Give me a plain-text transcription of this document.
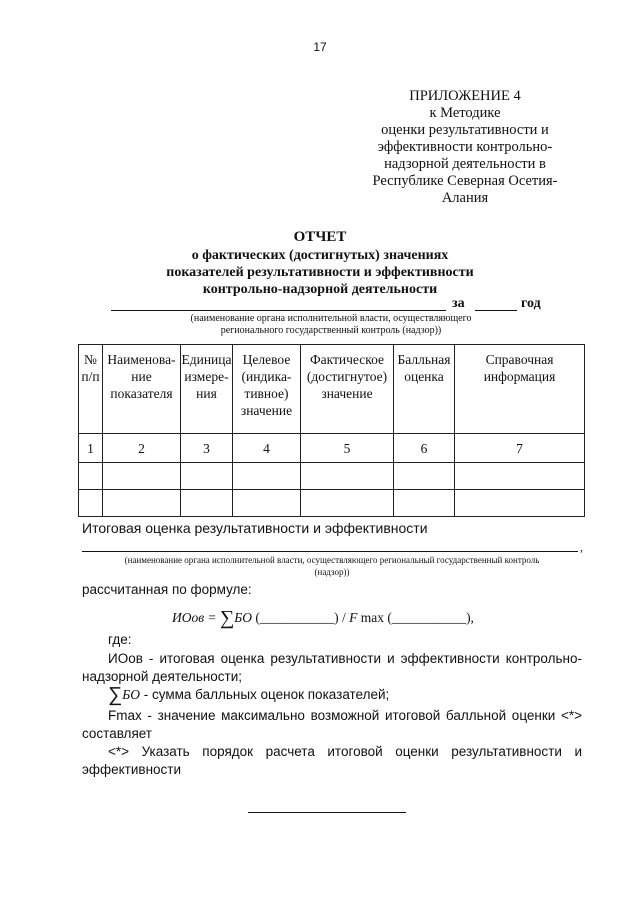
17
ПРИЛОЖЕНИЕ 4
к Методике
оценки результативности и
эффективности контрольно-
надзорной деятельности в
Республике Северная Осетия-
Алания
ОТЧЕТ
о фактических (достигнутых) значениях
показателей результативности и эффективности
контрольно-надзорной деятельности
за	год
(наименование органа исполнительной власти, осуществляющего
регионального государственный контроль (надзор))
№ п/п	Наименова-ние показателя	Единица измере-ния	Целевое (индика-тивное) значение	Фактическое (достигнутое) значение	Балльная оценка	Справочная информация
1	2	3	4	5	6	7

Итоговая оценка результативности и эффективности
,
(наименование органа исполнительной власти, осуществляющего региональный государственный контроль
(надзор))
рассчитанная по формуле:
ИОов = ∑БО (___________) / F max (___________),
где:
ИОов - итоговая оценка результативности и эффективности контрольно-надзорной деятельности;
∑БО - сумма балльных оценок показателей;
Fmax - значение максимально возможной итоговой балльной оценки <*> составляет
<*> Указать порядок расчета итоговой оценки результативности и эффективности
